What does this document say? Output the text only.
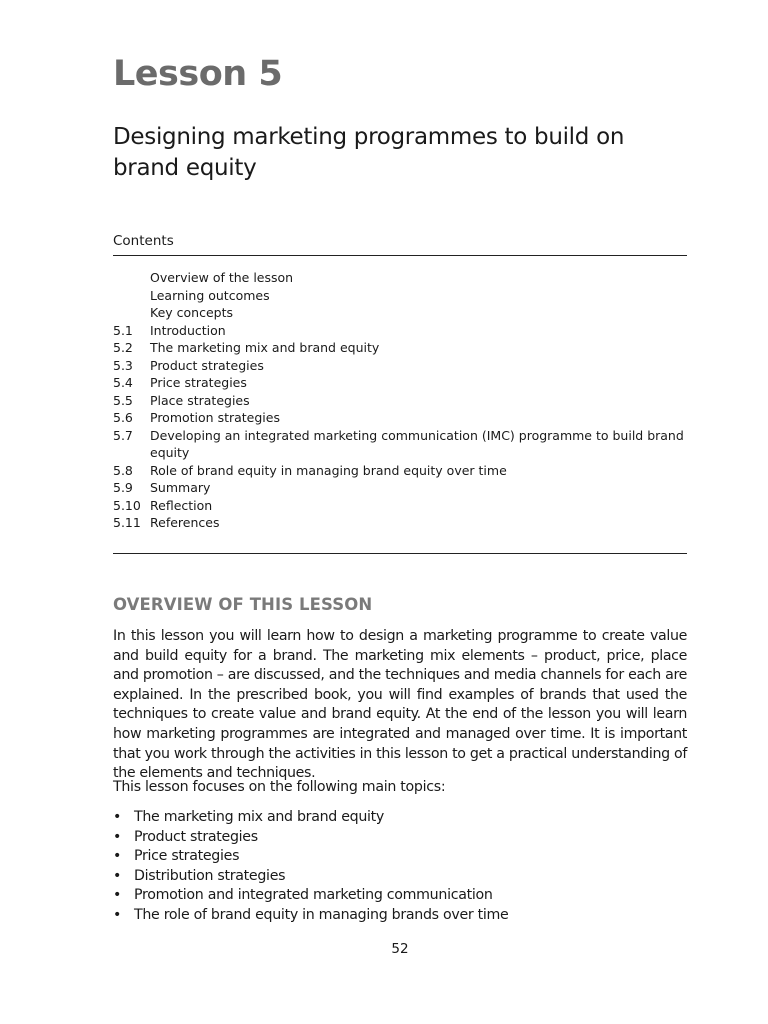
Lesson 5
Designing marketing programmes to build on brand equity

Contents

Overview of the lesson
Learning outcomes
Key concepts
5.1	Introduction
5.2	The marketing mix and brand equity
5.3	Product strategies
5.4	Price strategies
5.5	Place strategies
5.6	Promotion strategies
5.7	Developing an integrated marketing communication (IMC) programme to build brand equity
5.8	Role of brand equity in managing brand equity over time
5.9	Summary
5.10 Reflection
5.11 References
OVERVIEW OF THIS LESSON

In this lesson you will learn how to design a marketing programme to create value and build equity for a brand. The marketing mix elements – product, price, place and promotion – are discussed, and the techniques and media channels for each are explained. In the prescribed book, you will find examples of brands that used the techniques to create value and brand equity. At the end of the lesson you will learn how marketing programmes are integrated and managed over time. It is important that you work through the activities in this lesson to get a practical understanding of the elements and techniques.

This lesson focuses on the following main topics:

• The marketing mix and brand equity
• Product strategies
• Price strategies
• Distribution strategies
• Promotion and integrated marketing communication
• The role of brand equity in managing brands over time

52
